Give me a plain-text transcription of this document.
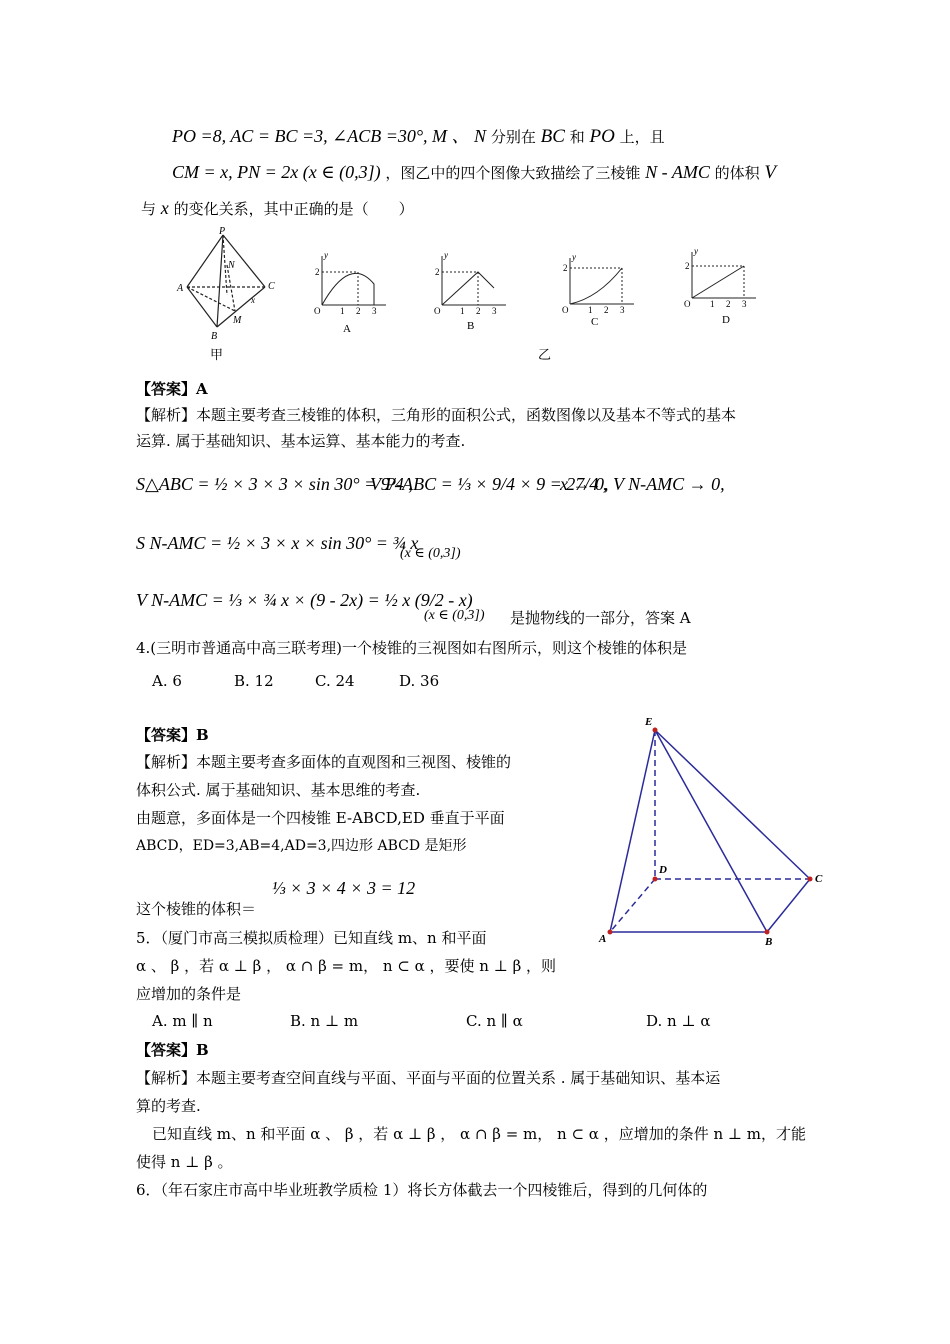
PO =8, AC = BC =3, ∠ACB =30°, M 、 N 分别在 BC 和 PO 上，且
CM = x, PN = 2x (x ∈ (0,3]) ，图乙中的四个图像大致描绘了三棱锥 N - AMC 的体积 V
与 x 的变化关系，其中正确的是（　　）
P
A	C
B
N
M
x
甲
y
O
2
1 2 3
A
y
O
2
1 2 3
B
y
O
2
1 2 3
C
y
O
2
1 2 3
D
乙
【答案】A
【解析】本题主要考查三棱锥的体积，三角形的面积公式，函数图像以及基本不等式的基本
运算. 属于基础知识、基本运算、基本能力的考查.
S△ABC = ½ × 3 × 3 × sin 30° = 9/4 ,
V P-ABC = ⅓ × 9/4 × 9 = 27/4 ,
x → 0, V N-AMC → 0,
S N-AMC = ½ × 3 × x × sin 30° = ¾ x
(x ∈ (0,3])
V N-AMC = ⅓ × ¾ x × (9 - 2x) = ½ x (9/2 - x)
(x ∈ (0,3]) 是抛物线的一部分，答案 A
4.(三明市普通高中高三联考理)一个棱锥的三视图如右图所示，则这个棱锥的体积是
A. 6	B. 12	C. 24	D. 36
【答案】B
【解析】本题主要考查多面体的直观图和三视图、棱锥的
体积公式. 属于基础知识、基本思维的考查.
由题意，多面体是一个四棱锥 E-ABCD,ED 垂直于平面
ABCD，ED=3,AB=4,AD=3,四边形 ABCD 是矩形
这个棱锥的体积＝
⅓ × 3 × 4 × 3 = 12
E
D
C
A	B
5．（厦门市高三模拟质检理）已知直线 m、n 和平面
α 、 β ，若 α ⊥ β ， α ∩ β = m， n ⊂ α ，要使 n ⊥ β ，则
应增加的条件是
A. m ∥ n	B. n ⊥ m	C. n ∥ α	D. n ⊥ α
【答案】B
【解析】本题主要考查空间直线与平面、平面与平面的位置关系 . 属于基础知识、基本运
算的考查.
已知直线 m、n 和平面 α 、 β ，若 α ⊥ β ， α ∩ β = m， n ⊂ α ，应增加的条件 n ⊥ m，才能
使得 n ⊥ β 。
6．（年石家庄市高中毕业班教学质检 1）将长方体截去一个四棱锥后，得到的几何体的
